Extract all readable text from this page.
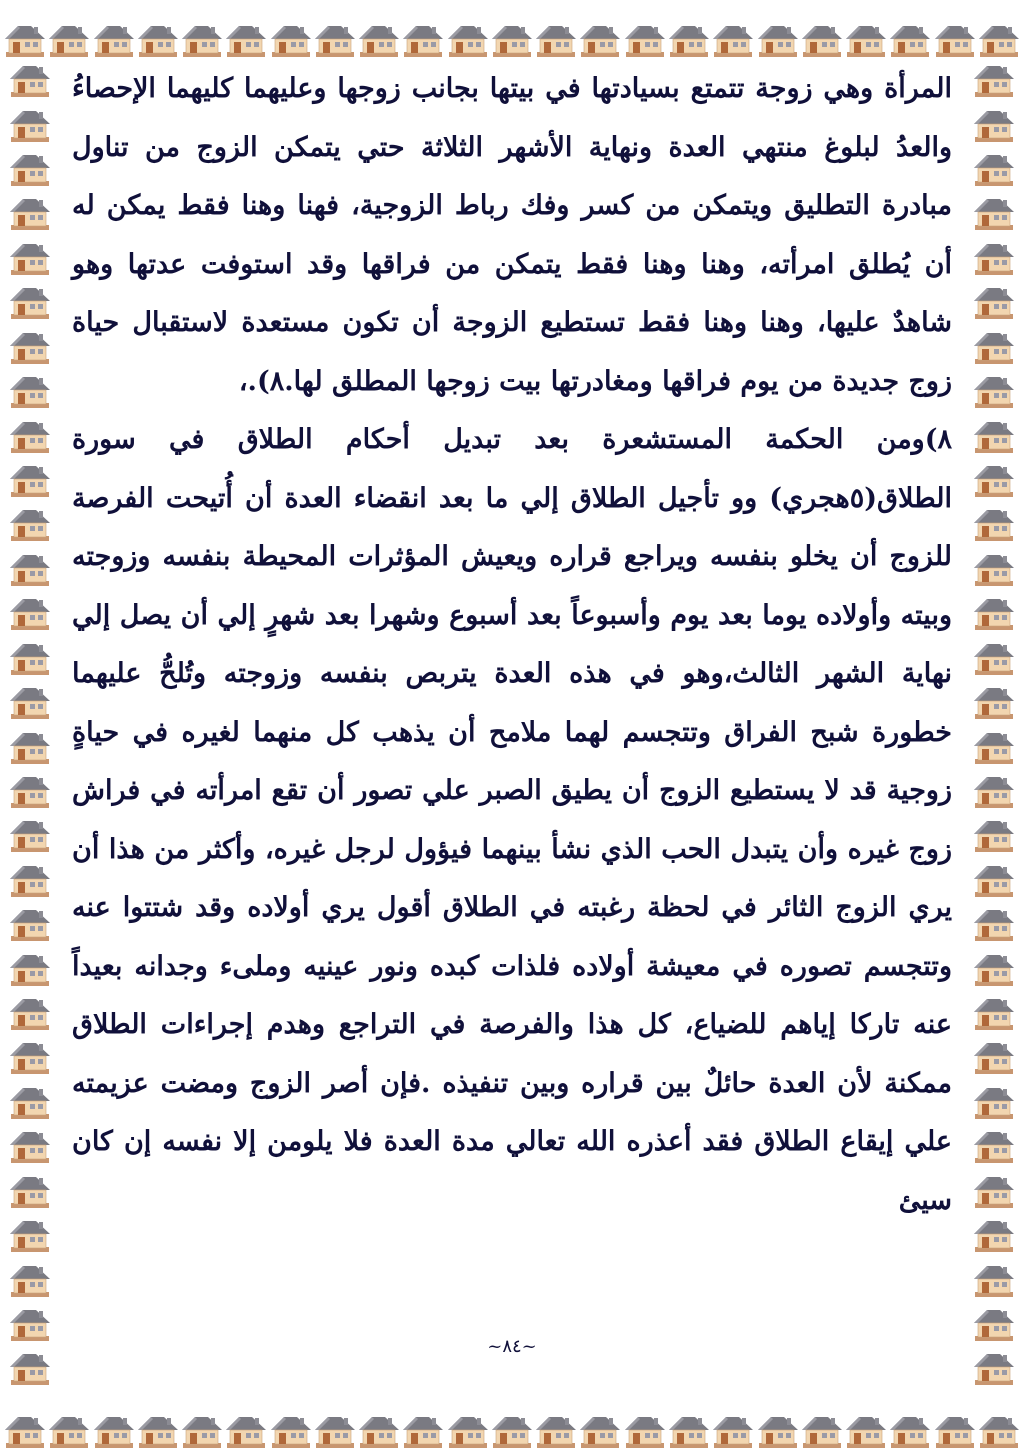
المرأة وهي زوجة تتمتع بسيادتها في بيتها بجانب زوجها وعليهما كليهما الإحصاءُ والعدُ لبلوغ منتهي العدة ونهاية الأشهر الثلاثة حتي يتمكن الزوج من تناول مبادرة التطليق ويتمكن من كسر وفك رباط الزوجية، فهنا وهنا فقط يمكن له أن يُطلق امرأته، وهنا وهنا فقط يتمكن من فراقها وقد استوفت عدتها وهو شاهدٌ عليها، وهنا وهنا فقط تستطيع الزوجة أن تكون مستعدة لاستقبال حياة زوج جديدة من يوم فراقها ومغادرتها بيت زوجها المطلق لها.٨).،

٨)ومن الحكمة المستشعرة بعد تبديل أحكام الطلاق في سورة الطلاق(٥هجري) وو تأجيل الطلاق إلي ما بعد انقضاء العدة أن أُتيحت الفرصة للزوج أن يخلو بنفسه ويراجع قراره ويعيش المؤثرات المحيطة بنفسه وزوجته وبيته وأولاده يوما بعد يوم وأسبوعاً بعد أسبوع وشهرا بعد شهرٍ إلي أن يصل إلي نهاية الشهر الثالث،وهو في هذه العدة يتربص بنفسه وزوجته وتُلحُّ عليهما خطورة شبح الفراق وتتجسم لهما ملامح أن يذهب كل منهما لغيره في حياةٍ زوجية قد لا يستطيع الزوج أن يطيق الصبر علي تصور أن تقع امرأته في فراش زوج غيره وأن يتبدل الحب الذي نشأ بينهما فيؤول لرجل غيره، وأكثر من هذا أن يري الزوج الثائر في لحظة رغبته في الطلاق أقول يري أولاده وقد شتتوا عنه وتتجسم تصوره في معيشة أولاده فلذات كبده ونور عينيه وملىء وجدانه بعيداً عنه تاركا إياهم للضياع، كل هذا والفرصة في التراجع وهدم إجراءات الطلاق ممكنة لأن العدة حائلٌ بين قراره وبين تنفيذه .فإن أصر الزوج ومضت عزيمته علي إيقاع الطلاق فقد أعذره الله تعالي مدة العدة فلا يلومن إلا نفسه إن كان سيئ

~٨٤~
